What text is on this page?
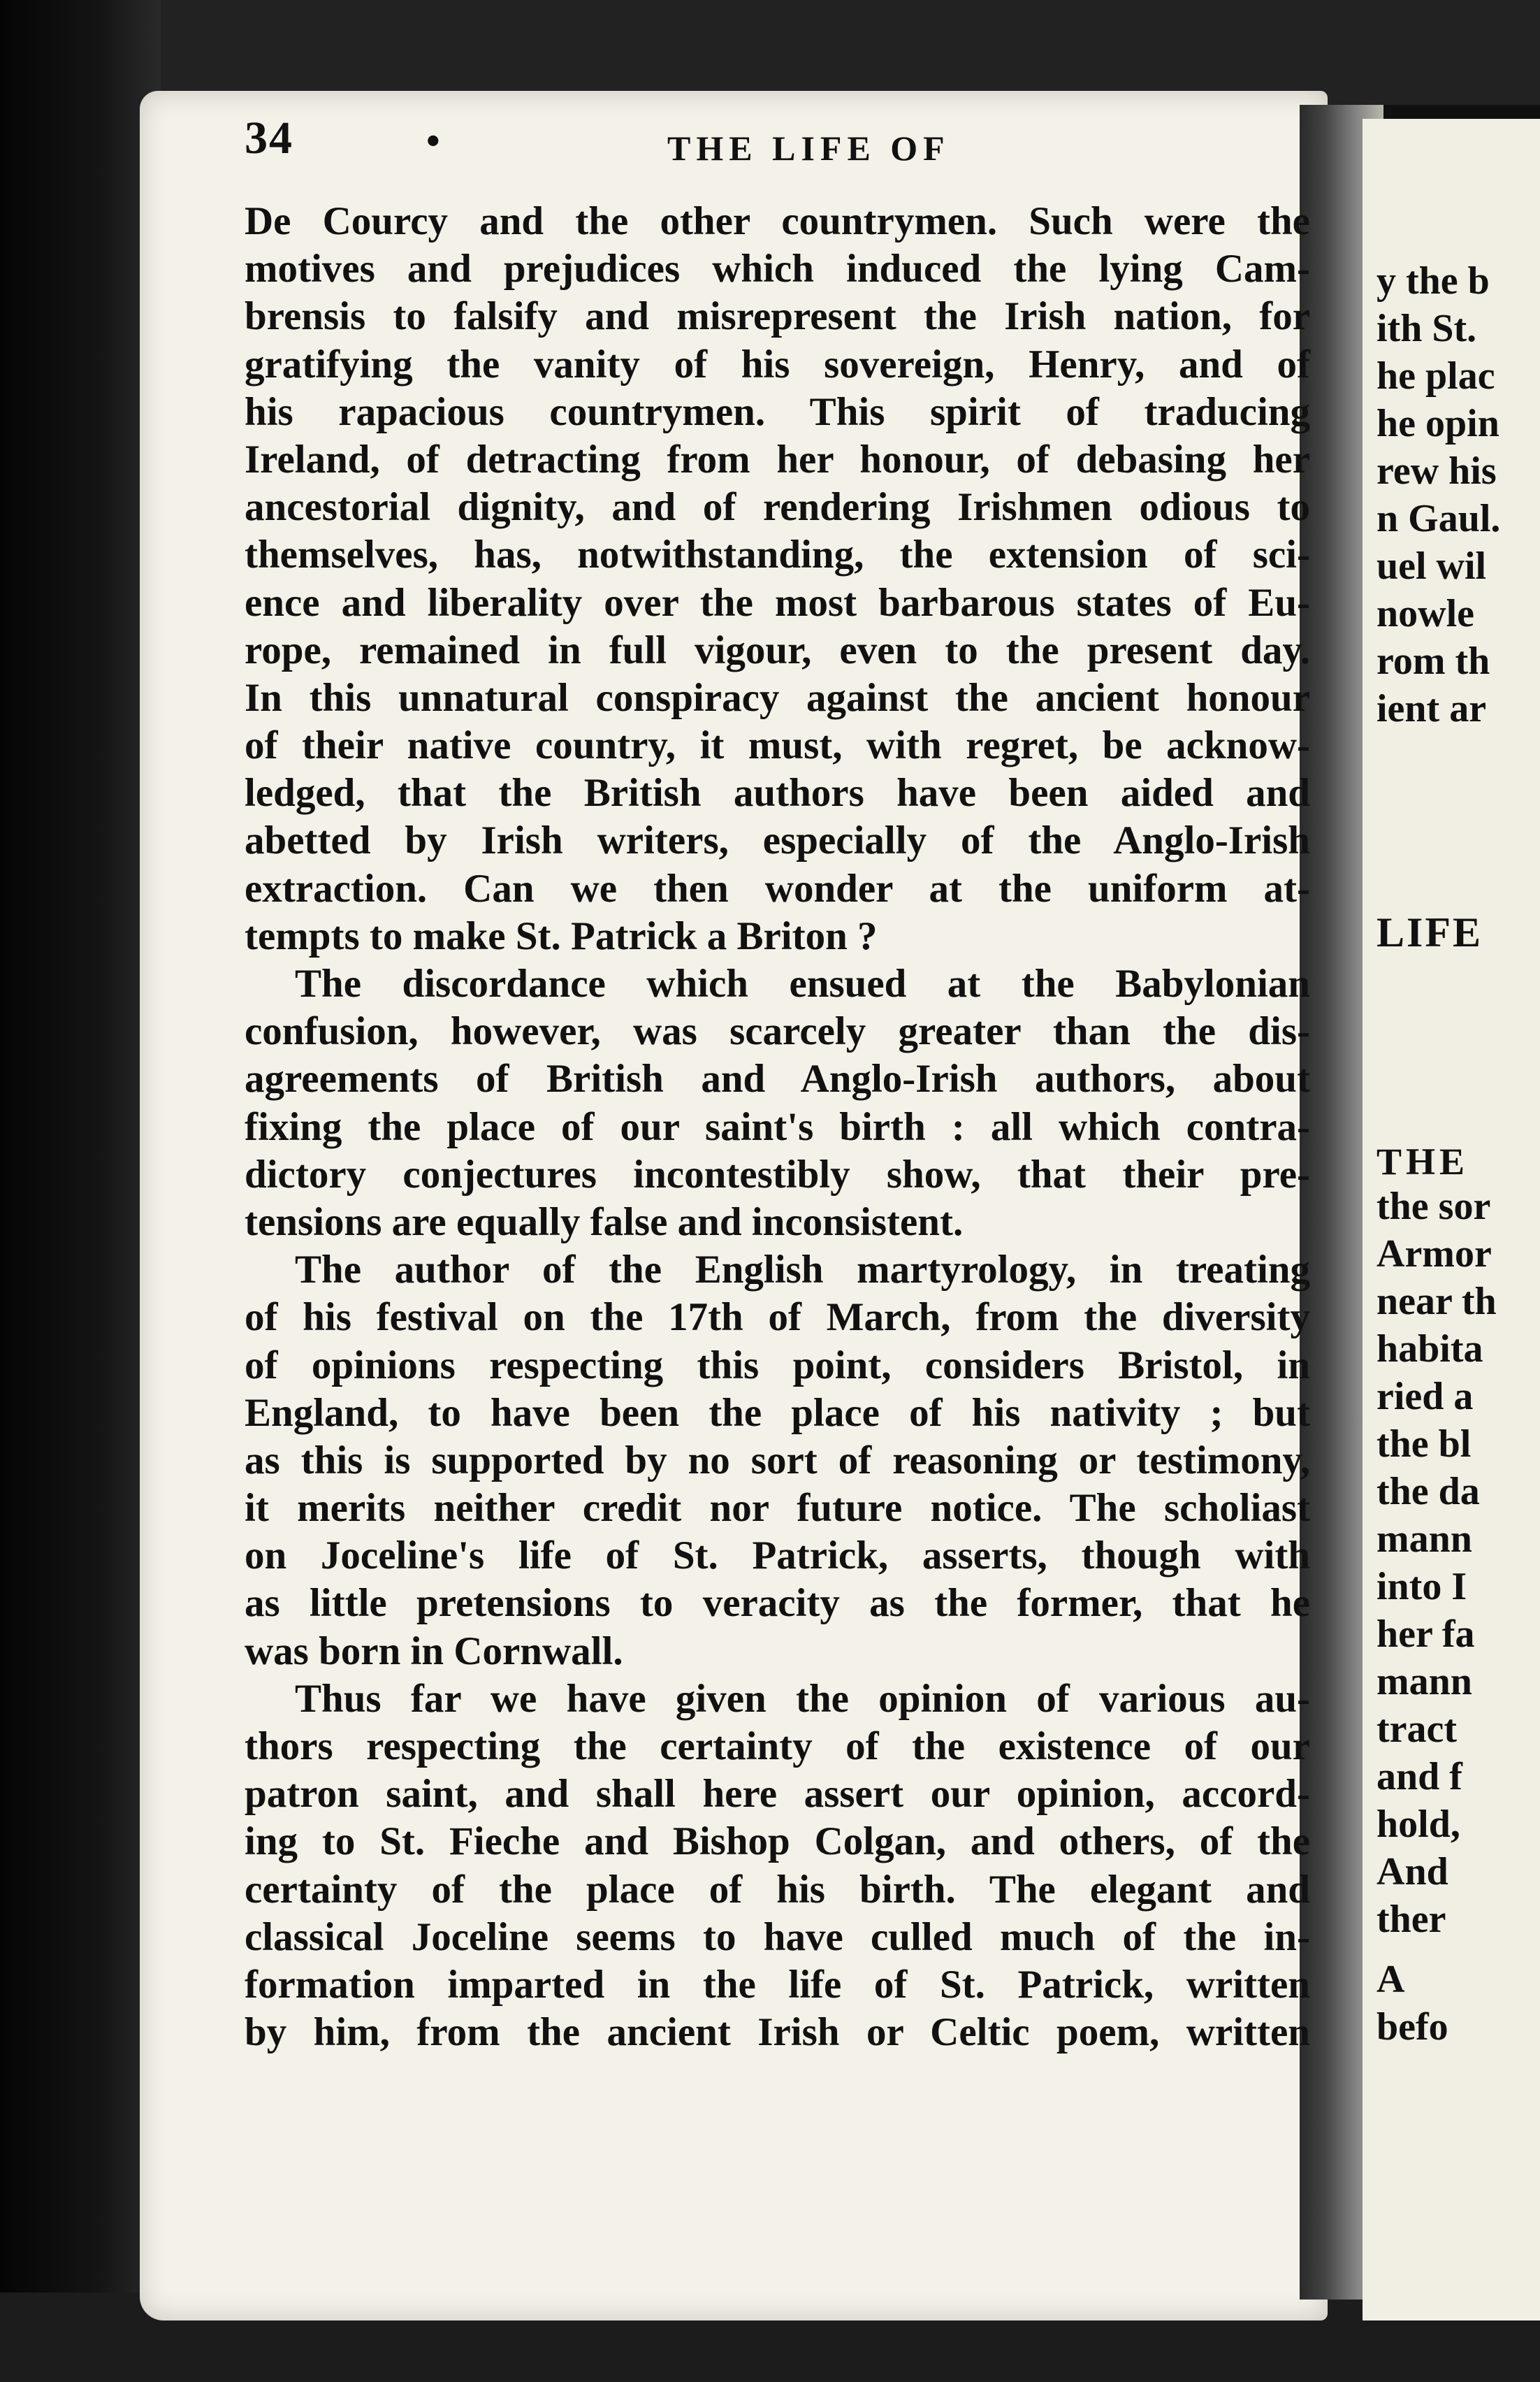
y the b
ith St.
he plac
he opin
rew his
n Gaul.
uel wil
nowle
rom th
ient ar
LIFE
THE
the sor
Armor
near th
habita
ried a
the bl
the da
mann
into I
her fa
mann
tract
and f
hold,
And
ther
A
befo
34	•	THE LIFE OF
De Courcy and the other countrymen. Such were the
motives and prejudices which induced the lying Cam-
brensis to falsify and misrepresent the Irish nation, for
gratifying the vanity of his sovereign, Henry, and of
his rapacious countrymen. This spirit of traducing
Ireland, of detracting from her honour, of debasing her
ancestorial dignity, and of rendering Irishmen odious to
themselves, has, notwithstanding, the extension of sci-
ence and liberality over the most barbarous states of Eu-
rope, remained in full vigour, even to the present day.
In this unnatural conspiracy against the ancient honour
of their native country, it must, with regret, be acknow-
ledged, that the British authors have been aided and
abetted by Irish writers, especially of the Anglo-Irish
extraction. Can we then wonder at the uniform at-
tempts to make St. Patrick a Briton ?
The discordance which ensued at the Babylonian
confusion, however, was scarcely greater than the dis-
agreements of British and Anglo-Irish authors, about
fixing the place of our saint's birth : all which contra-
dictory conjectures incontestibly show, that their pre-
tensions are equally false and inconsistent.
The author of the English martyrology, in treating
of his festival on the 17th of March, from the diversity
of opinions respecting this point, considers Bristol, in
England, to have been the place of his nativity ; but
as this is supported by no sort of reasoning or testimony,
it merits neither credit nor future notice. The scholiast
on Joceline's life of St. Patrick, asserts, though with
as little pretensions to veracity as the former, that he
was born in Cornwall.
Thus far we have given the opinion of various au-
thors respecting the certainty of the existence of our
patron saint, and shall here assert our opinion, accord-
ing to St. Fieche and Bishop Colgan, and others, of the
certainty of the place of his birth. The elegant and
classical Joceline seems to have culled much of the in-
formation imparted in the life of St. Patrick, written
by him, from the ancient Irish or Celtic poem, written
